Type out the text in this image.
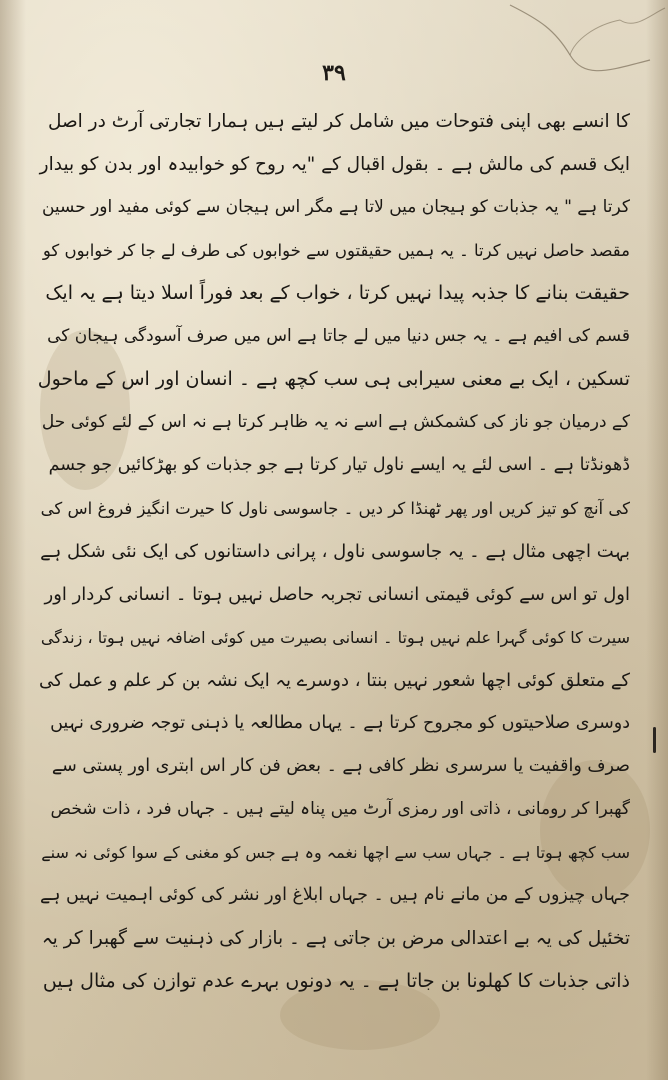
۳۹
کا انسے بھی اپنی فتوحات میں شامل کر لیتے ہیں ہمارا تجارتی آرٹ در اصل
ایک قسم کی مالش ہے ۔ بقول اقبال کے "یہ روح کو خوابیدہ اور بدن کو بیدار
کرتا ہے " یہ جذبات کو ہیجان میں لاتا ہے مگر اس ہیجان سے کوئی مفید اور حسین
مقصد حاصل نہیں کرتا ۔ یہ ہمیں حقیقتوں سے خوابوں کی طرف لے جا کر خوابوں کو
حقیقت بنانے کا جذبہ پیدا نہیں کرتا ، خواب کے بعد فوراً اسلا دیتا ہے یہ ایک
قسم کی افیم ہے ۔ یہ جس دنیا میں لے جاتا ہے اس میں صرف آسودگی ہیجان کی
تسکین ، ایک بے معنی سیرابی ہی سب کچھ ہے ۔ انسان اور اس کے ماحول
کے درمیان جو ناز کی کشمکش ہے اسے نہ یہ ظاہر کرتا ہے نہ اس کے لئے کوئی حل
ڈھونڈتا ہے ۔ اسی لئے یہ ایسے ناول تیار کرتا ہے جو جذبات کو بھڑکائیں جو جسم
کی آنچ کو تیز کریں اور پھر ٹھنڈا کر دیں ۔ جاسوسی ناول کا حیرت انگیز فروغ اس کی
بہت اچھی مثال ہے ۔ یہ جاسوسی ناول ، پرانی داستانوں کی ایک نئی شکل ہے
اول تو اس سے کوئی قیمتی انسانی تجربہ حاصل نہیں ہوتا ۔ انسانی کردار اور
سیرت کا کوئی گہرا علم نہیں ہوتا ۔ انسانی بصیرت میں کوئی اضافہ نہیں ہوتا ، زندگی
کے متعلق کوئی اچھا شعور نہیں بنتا ، دوسرے یہ ایک نشہ بن کر علم و عمل کی
دوسری صلاحیتوں کو مجروح کرتا ہے ۔ یہاں مطالعہ یا ذہنی توجہ ضروری نہیں
صرف واقفیت یا سرسری نظر کافی ہے ۔ بعض فن کار اس ابتری اور پستی سے
گھبرا کر رومانی ، ذاتی اور رمزی آرٹ میں پناہ لیتے ہیں ۔ جہاں فرد ، ذات شخص
سب کچھ ہوتا ہے ۔ جہاں سب سے اچھا نغمہ وہ ہے جس کو مغنی کے سوا کوئی نہ سنے
جہاں چیزوں کے من مانے نام ہیں ۔ جہاں ابلاغ اور نشر کی کوئی اہمیت نہیں ہے
تخئیل کی یہ بے اعتدالی مرض بن جاتی ہے ۔ بازار کی ذہنیت سے گھبرا کر یہ
ذاتی جذبات کا کھلونا بن جاتا ہے ۔ یہ دونوں بہرے عدم توازن کی مثال ہیں
